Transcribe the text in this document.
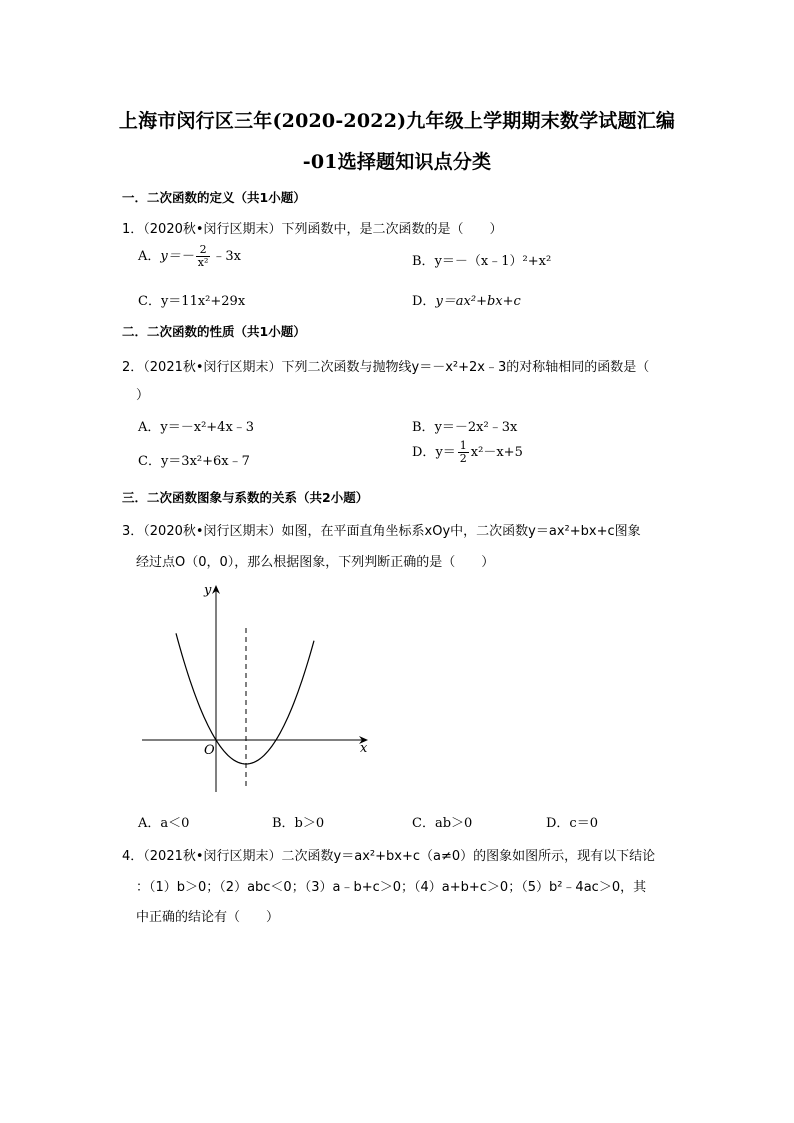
上海市闵行区三年(2020-2022)九年级上学期期末数学试题汇编
-01选择题知识点分类
一．二次函数的定义（共1小题）
1．（2020秋•闵行区期末）下列函数中，是二次函数的是（　　）
A．$y=- \frac{2}{\text{x²}}$ ﹣3x	B．y＝－（x﹣1）²+x²
C．y＝11x²+29x	D．y＝ax²+bx+c
二．二次函数的性质（共1小题）
2．（2021秋•闵行区期末）下列二次函数与抛物线y＝－x²+2x﹣3的对称轴相同的函数是（
）
A．y＝－x²+4x﹣3	B．y＝－2x²﹣3x
C．y＝3x²+6x﹣7
D．$y= \frac{1}{2} x^2-x+5$
三．二次函数图象与系数的关系（共2小题）
3．（2020秋•闵行区期末）如图，在平面直角坐标系xOy中，二次函数y＝ax²+bx+c图象
经过点O（0，0），那么根据图象，下列判断正确的是（　　）
y
x
O
A．a＜0	B．b＞0	C．ab＞0	D．c＝0
4．（2021秋•闵行区期末）二次函数y＝ax²+bx+c（a≠0）的图象如图所示，现有以下结论
：（1）b＞0；（2）abc＜0；（3）a﹣b+c＞0；（4）a+b+c＞0；（5）b²﹣4ac＞0，其
中正确的结论有（　　）
